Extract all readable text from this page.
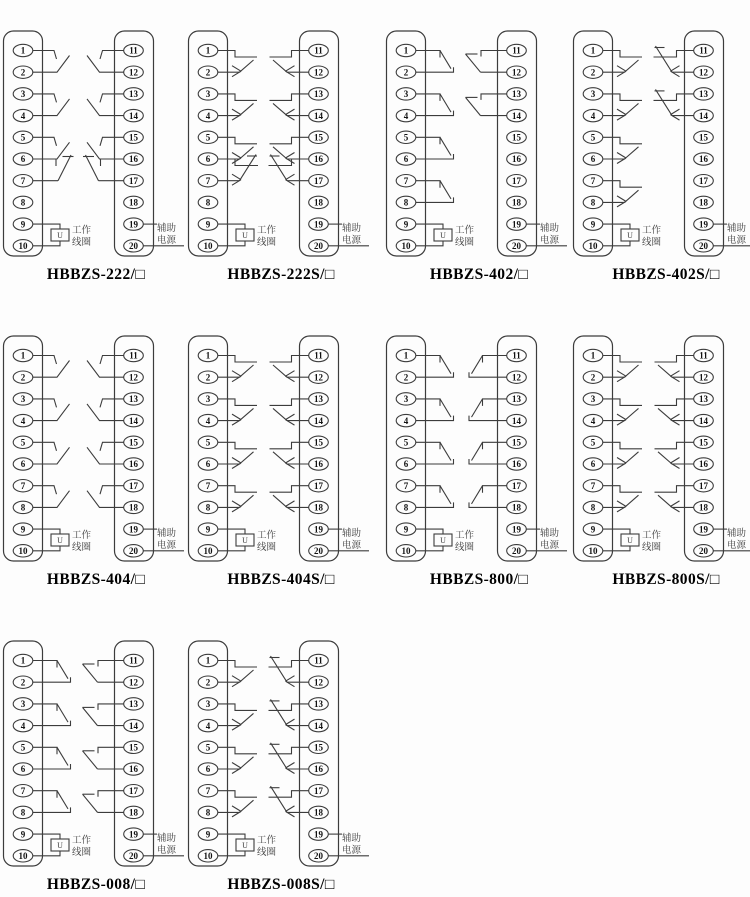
U 工作
线圈
辅助
电源
1
2
3
4
5
6
7
8
9
10
11
12
13
14
15
16
17
18
19
20
HBBZS-222/□
U 工作
线圈
辅助
电源
1
2
3
4
5
6
7
8
9
10
11
12
13
14
15
16
17
18
19
20
HBBZS-222S/□
U 工作
线圈
辅助
电源
1
2
3
4
5
6
7
8
9
10
11
12
13
14
15
16
17
18
19
20
HBBZS-402/□
U 工作
线圈
辅助
电源
1
2
3
4
5
6
7
8
9
10
11
12
13
14
15
16
17
18
19
20
HBBZS-402S/□
U 工作
线圈
辅助
电源
1
2
3
4
5
6
7
8
9
10
11
12
13
14
15
16
17
18
19
20
HBBZS-404/□
U 工作
线圈
辅助
电源
1
2
3
4
5
6
7
8
9
10
11
12
13
14
15
16
17
18
19
20
HBBZS-404S/□
U 工作
线圈
辅助
电源
1
2
3
4
5
6
7
8
9
10
11
12
13
14
15
16
17
18
19
20
HBBZS-800/□
U 工作
线圈
辅助
电源
1
2
3
4
5
6
7
8
9
10
11
12
13
14
15
16
17
18
19
20
HBBZS-800S/□
U 工作
线圈
辅助
电源
1
2
3
4
5
6
7
8
9
10
11
12
13
14
15
16
17
18
19
20
HBBZS-008/□
U 工作
线圈
辅助
电源
1
2
3
4
5
6
7
8
9
10
11
12
13
14
15
16
17
18
19
20
HBBZS-008S/□
